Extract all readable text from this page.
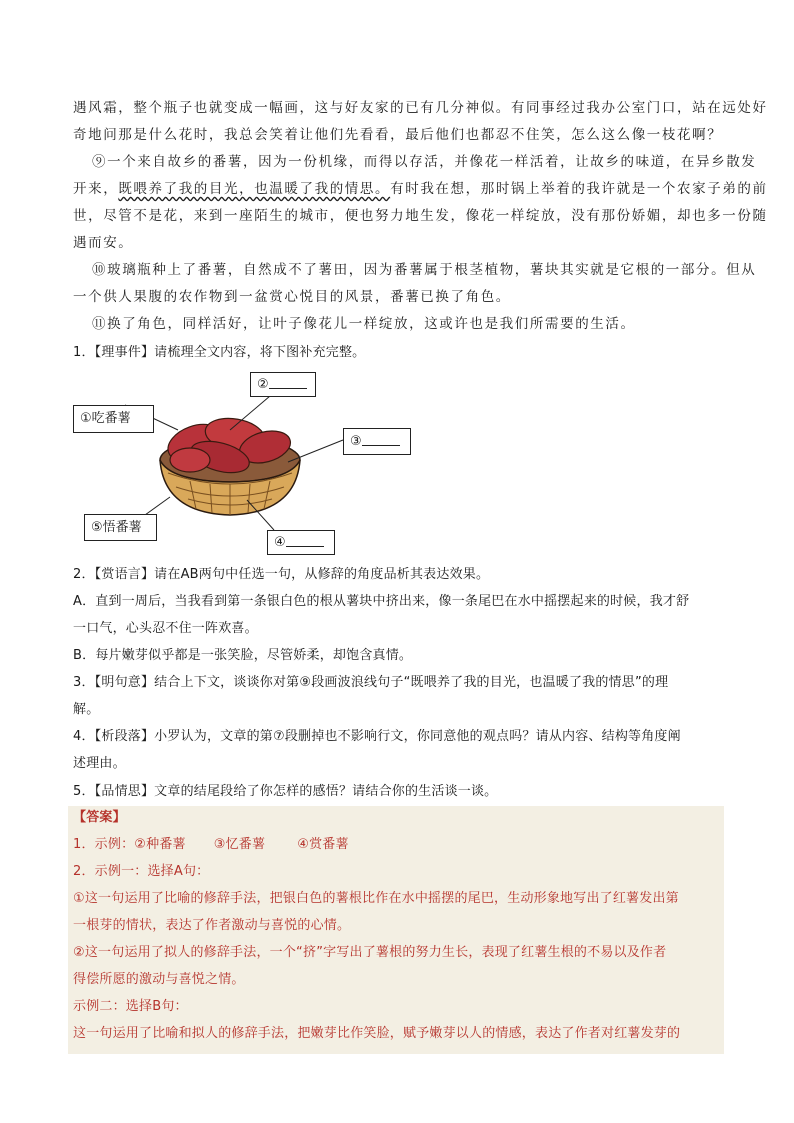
遇风霜，整个瓶子也就变成一幅画，这与好友家的已有几分神似。有同事经过我办公室门口，站在远处好
奇地问那是什么花时，我总会笑着让他们先看看，最后他们也都忍不住笑，怎么这么像一枝花啊？
⑨一个来自故乡的番薯，因为一份机缘，而得以存活，并像花一样活着，让故乡的味道，在异乡散发
开来，既喂养了我的目光，也温暖了我的情思。有时我在想，那时锅上举着的我许就是一个农家子弟的前
世，尽管不是花，来到一座陌生的城市，便也努力地生发，像花一样绽放，没有那份娇媚，却也多一份随
遇而安。
⑩玻璃瓶种上了番薯，自然成不了薯田，因为番薯属于根茎植物，薯块其实就是它根的一部分。但从
一个供人果腹的农作物到一盆赏心悦目的风景，番薯已换了角色。
⑪换了角色，同样活好，让叶子像花儿一样绽放，这或许也是我们所需要的生活。
1．【理事件】请梳理全文内容，将下图补充完整。
①吃番薯
②
③
④
⑤悟番薯
2．【赏语言】请在AB两句中任选一句，从修辞的角度品析其表达效果。
A．直到一周后，当我看到第一条银白色的根从薯块中挤出来，像一条尾巴在水中摇摆起来的时候，我才舒
一口气，心头忍不住一阵欢喜。
B．每片嫩芽似乎都是一张笑脸，尽管娇柔，却饱含真情。
3．【明句意】结合上下文，谈谈你对第⑨段画波浪线句子“既喂养了我的目光，也温暖了我的情思”的理
解。
4．【析段落】小罗认为，文章的第⑦段删掉也不影响行文，你同意他的观点吗？请从内容、结构等角度阐
述理由。
5．【品情思】文章的结尾段给了你怎样的感悟？请结合你的生活谈一谈。
【答案】
1．示例：②种番薯 ③忆番薯 ④赏番薯
2．示例一：选择A句：
①这一句运用了比喻的修辞手法，把银白色的薯根比作在水中摇摆的尾巴，生动形象地写出了红薯发出第
一根芽的情状，表达了作者激动与喜悦的心情。
②这一句运用了拟人的修辞手法，一个“挤”字写出了薯根的努力生长，表现了红薯生根的不易以及作者
得偿所愿的激动与喜悦之情。
示例二：选择B句：
这一句运用了比喻和拟人的修辞手法，把嫩芽比作笑脸，赋予嫩芽以人的情感，表达了作者对红薯发芽的
